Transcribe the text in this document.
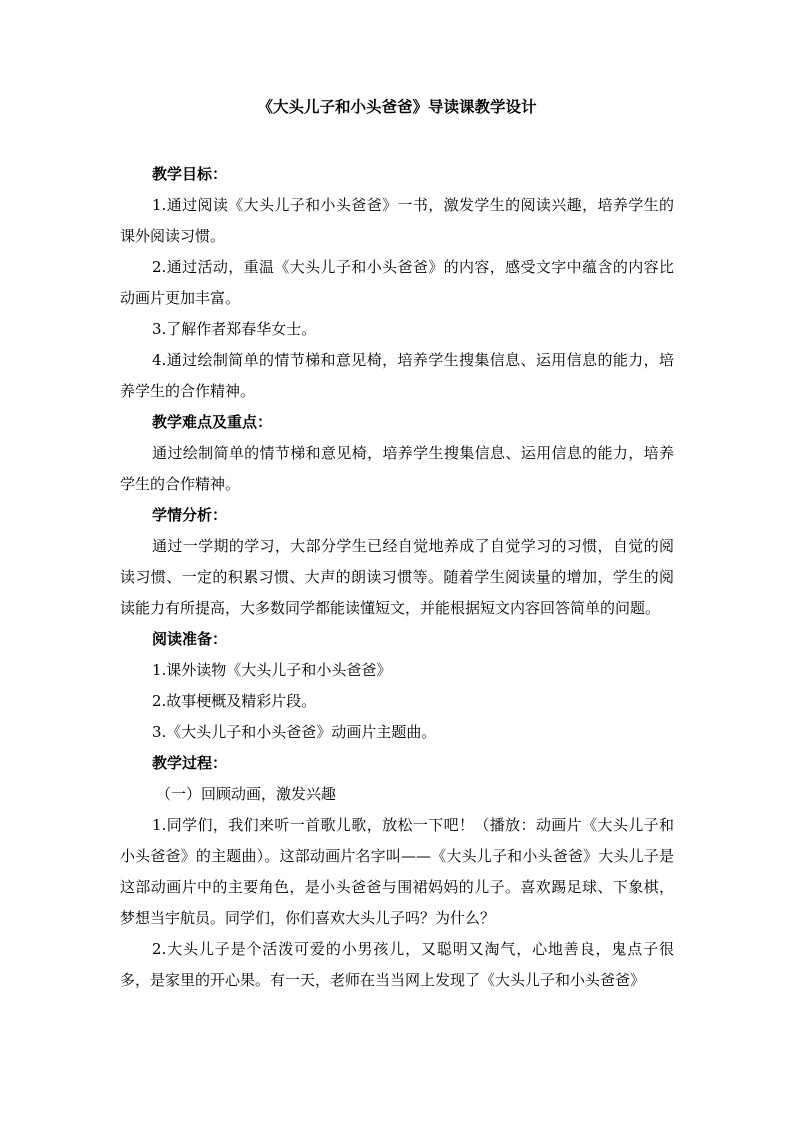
《大头儿子和小头爸爸》导读课教学设计

教学目标：

1.通过阅读《大头儿子和小头爸爸》一书，激发学生的阅读兴趣，培养学生的课外阅读习惯。

2.通过活动，重温《大头儿子和小头爸爸》的内容，感受文字中蕴含的内容比动画片更加丰富。

3.了解作者郑春华女士。

4.通过绘制简单的情节梯和意见椅，培养学生搜集信息、运用信息的能力，培养学生的合作精神。

教学难点及重点：

通过绘制简单的情节梯和意见椅，培养学生搜集信息、运用信息的能力，培养学生的合作精神。

学情分析：

通过一学期的学习，大部分学生已经自觉地养成了自觉学习的习惯，自觉的阅读习惯、一定的积累习惯、大声的朗读习惯等。随着学生阅读量的增加，学生的阅读能力有所提高，大多数同学都能读懂短文，并能根据短文内容回答简单的问题。

阅读准备：

1.课外读物《大头儿子和小头爸爸》

2.故事梗概及精彩片段。

3.《大头儿子和小头爸爸》动画片主题曲。

教学过程：

（一）回顾动画，激发兴趣

1.同学们，我们来听一首歌儿歌，放松一下吧！（播放：动画片《大头儿子和小头爸爸》的主题曲）。这部动画片名字叫——《大头儿子和小头爸爸》大头儿子是这部动画片中的主要角色，是小头爸爸与围裙妈妈的儿子。喜欢踢足球、下象棋，梦想当宇航员。同学们，你们喜欢大头儿子吗？为什么？

2.大头儿子是个活泼可爱的小男孩儿，又聪明又淘气，心地善良，鬼点子很多，是家里的开心果。有一天，老师在当当网上发现了《大头儿子和小头爸爸》
